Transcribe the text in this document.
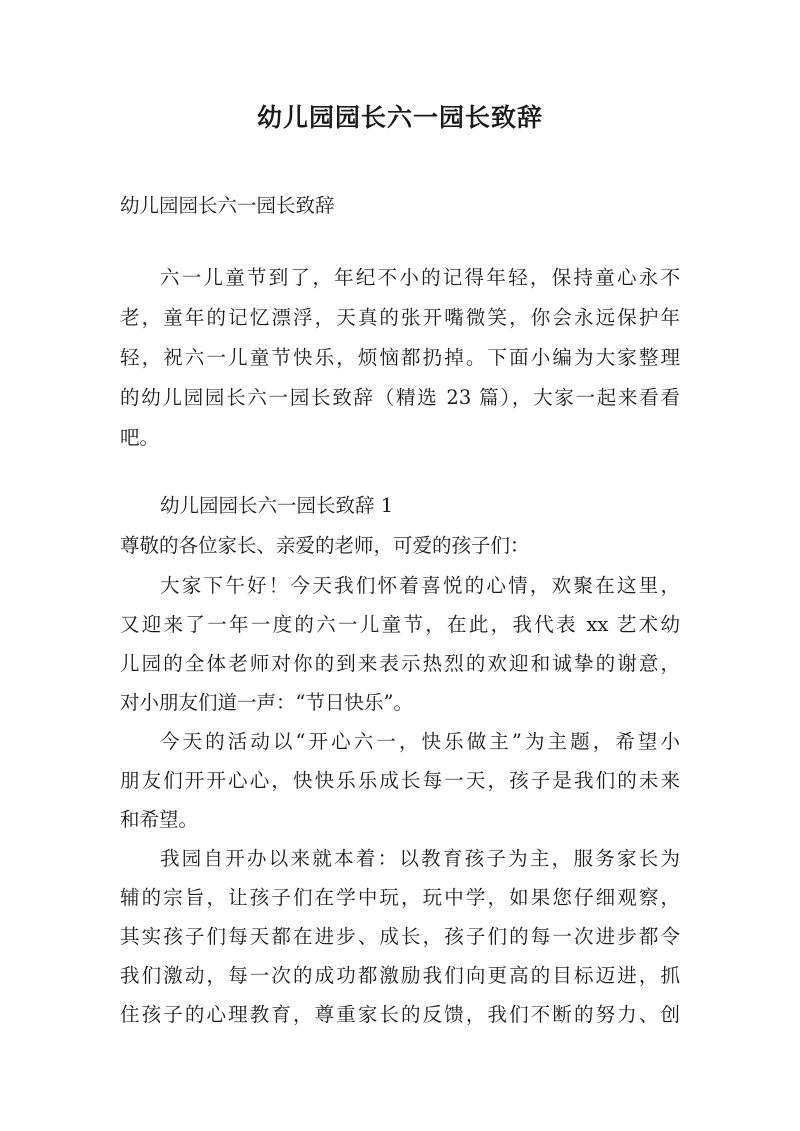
幼儿园园长六一园长致辞
幼儿园园长六一园长致辞
六一儿童节到了，年纪不小的记得年轻，保持童心永不
老，童年的记忆漂浮，天真的张开嘴微笑，你会永远保护年
轻，祝六一儿童节快乐，烦恼都扔掉。下面小编为大家整理
的幼儿园园长六一园长致辞（精选 23 篇），大家一起来看看
吧。
幼儿园园长六一园长致辞 1
尊敬的各位家长、亲爱的老师，可爱的孩子们：
大家下午好！今天我们怀着喜悦的心情，欢聚在这里，
又迎来了一年一度的六一儿童节，在此，我代表 xx 艺术幼
儿园的全体老师对你的到来表示热烈的欢迎和诚挚的谢意，
对小朋友们道一声：“节日快乐”。
今天的活动以“开心六一，快乐做主”为主题，希望小
朋友们开开心心，快快乐乐成长每一天，孩子是我们的未来
和希望。
我园自开办以来就本着：以教育孩子为主，服务家长为
辅的宗旨，让孩子们在学中玩，玩中学，如果您仔细观察，
其实孩子们每天都在进步、成长，孩子们的每一次进步都令
我们激动，每一次的成功都激励我们向更高的目标迈进，抓
住孩子的心理教育，尊重家长的反馈，我们不断的努力、创
